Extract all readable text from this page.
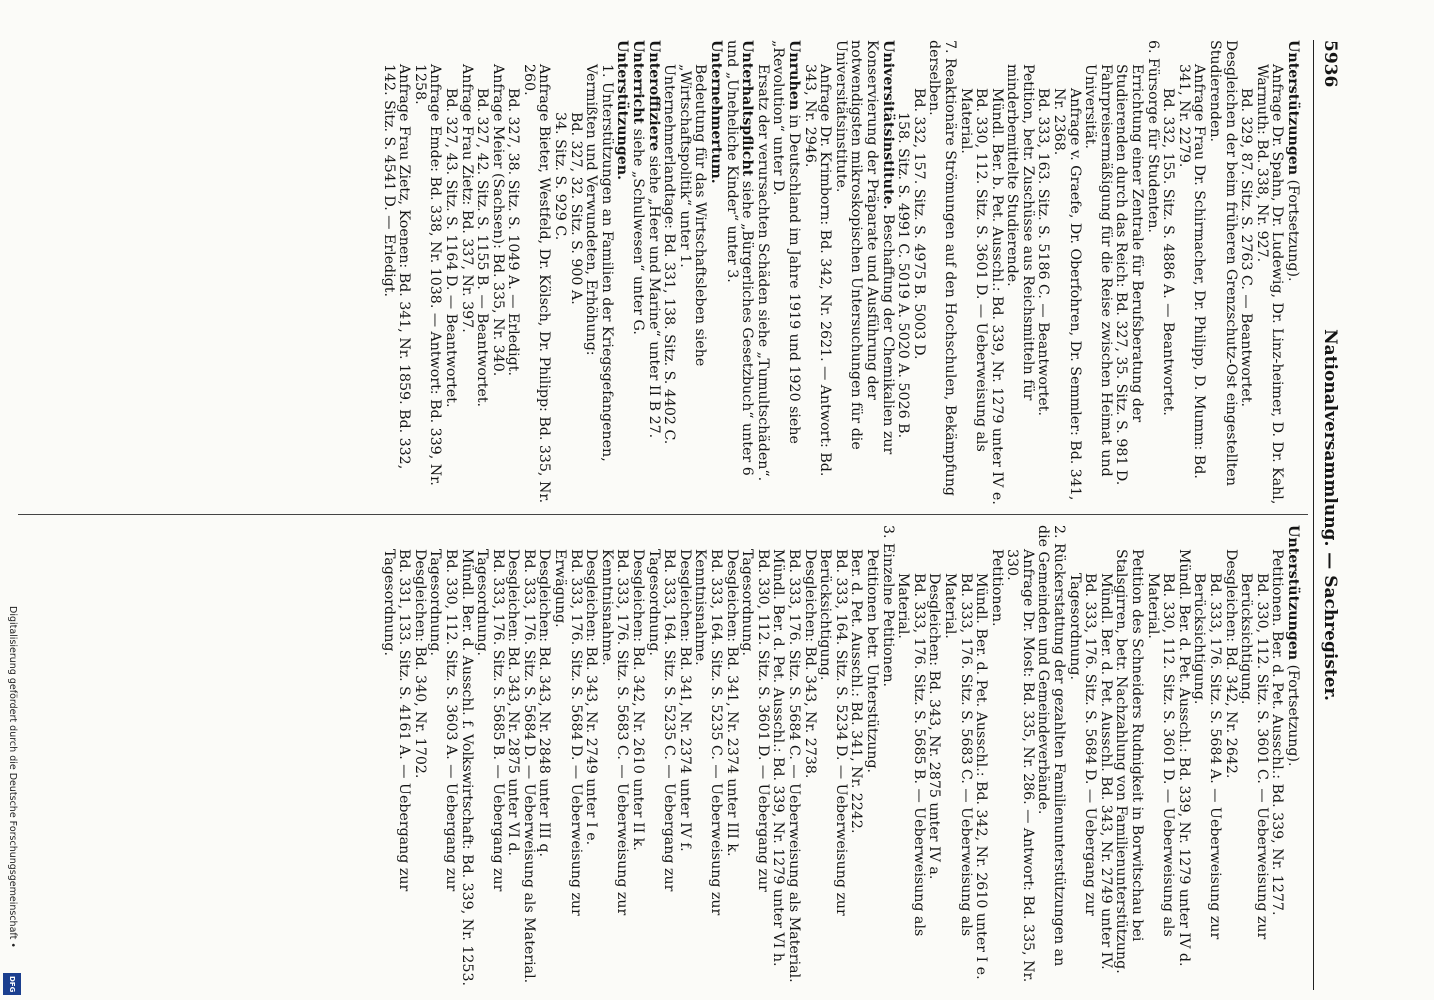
5936
Nationalversammlung. — Sachregister.

Unterstützungen (Fortsetzung).

Anfrage Dr. Spahn, Dr. Ludewig, Dr. Linz-heimer, D. Dr. Kahl, Warmuth: Bd. 338, Nr. 927.

Bd. 329, 87. Sitz. S. 2763 C. — Beantwortet.

Desgleichen der beim früheren Grenzschutz-Ost eingestellten Studierenden.

Anfrage Frau Dr. Schirmacher, Dr. Philipp, D. Mumm: Bd. 341, Nr. 2279.

Bd. 332, 155. Sitz. S. 4886 A. — Beantwortet.

6. Fürsorge für Studenten.

Errichtung einer Zentrale für Berufsberatung der Studierenden durch das Reich: Bd. 327, 35. Sitz. S. 981 D.

Fahrpreisermäßigung für die Reise zwischen Heimat und Universität.

Anfrage v. Graefe, Dr. Oberfohren, Dr. Semmler: Bd. 341, Nr. 2368.

Bd. 333, 163. Sitz. S. 5186 C. — Beantwortet.

Petition, betr. Zuschüsse aus Reichsmitteln für minderbemittelte Studierende.

Mündl. Ber. b. Pet. Ausschl.: Bd. 339, Nr. 1279 unter IV e.

Bd. 330, 112. Sitz. S. 3601 D. — Ueberweisung als Material.

7. Reaktionäre Strömungen auf den Hochschulen, Bekämpfung derselben.

Bd. 332, 157. Sitz. S. 4975 B. 5003 D.

158. Sitz. S. 4991 C. 5019 A. 5020 A. 5026 B.

Universitätsinstitute. Beschaffung der Chemikalien zur Konservierung der Präparate und Ausführung der notwendigsten mikroskopischen Untersuchungen für die Universitätsinstitute.

Anfrage Dr. Krimborn: Bd. 342, Nr. 2621. — Antwort: Bd. 343, Nr. 2946.

Unruhen in Deutschland im Jahre 1919 und 1920 siehe „Revolution“ unter D.

Ersatz der verursachten Schäden siehe „Tumultschäden“.

Unterhaltspflicht siehe „Bürgerliches Gesetzbuch“ unter 6 und „Uneheliche Kinder“ unter 3.

Unternehmertum.

Bedeutung für das Wirtschaftsleben siehe „Wirtschaftspolitik“ unter 1.

Unternehmerlandtage: Bd. 331, 138. Sitz. S. 4402 C.

Unteroffiziere siehe „Heer und Marine“ unter II B 27.

Unterricht siehe „Schulwesen“ unter G.

Unterstützungen.

1. Unterstützungen an Familien der Kriegsgefangenen, Vermißten und Verwundeten, Erhöhung:

Bd. 327, 32. Sitz. S. 900 A.

34. Sitz. S. 929 C.

Anfrage Bieter, Westfeld, Dr. Kölsch, Dr. Philipp: Bd. 335, Nr. 260.

Bd. 327, 38. Sitz. S. 1049 A. — Erledigt.

Anfrage Meier (Sachsen): Bd. 335, Nr. 340.

Bd. 327, 42. Sitz. S. 1155 B. — Beantwortet.

Anfrage Frau Zietz: Bd. 337, Nr. 397.

Bd. 327, 43. Sitz. S. 1164 D. — Beantwortet.

Anfrage Emde: Bd. 338, Nr. 1038. — Antwort: Bd. 339, Nr. 1258.

Anfrage Frau Zietz, Koenen: Bd. 341, Nr. 1859. Bd. 332, 142. Sitz. S. 4541 D. — Erledigt.

Unterstützungen (Fortsetzung).

Petitionen. Ber. d. Pet. Ausschl.: Bd. 339, Nr. 1277.

Bd. 330, 112. Sitz. S. 3601 C. — Ueberweisung zur Berücksichtigung.

Desgleichen: Bd. 342, Nr. 2642.

Bd. 333, 176. Sitz. S. 5684 A. — Ueberweisung zur Berücksichtigung.

Mündl. Ber. d. Pet. Ausschl.: Bd. 339, Nr. 1279 unter IV d.

Bd. 330, 112. Sitz. S. 3601 D. — Ueberweisung als Material.

Petition des Schneiders Rudnigkeit in Borwitschau bei Stalsgirren, betr. Nachzahlung von Familienunterstützung.

Mündl. Ber. d. Pet. Ausschl. Bd. 343, Nr. 2749 unter IV.

Bd. 333, 176. Sitz. S. 5684 D. — Uebergang zur Tagesordnung.

2. Rückerstattung der gezahlten Familienunterstützungen an die Gemeinden und Gemeindeverbände.

Anfrage Dr. Most: Bd. 335, Nr. 286. — Antwort: Bd. 335, Nr. 330.

Petitionen.

Mündl. Ber. d. Pet. Ausschl.: Bd. 342, Nr. 2610 unter I e.

Bd. 333, 176. Sitz. S. 5683 C. — Ueberweisung als Material.

Desgleichen: Bd. 343, Nr. 2875 unter IV a.

Bd. 333, 176. Sitz. S. 5685 B. — Ueberweisung als Material.

3. Einzelne Petitionen.

Petitionen betr. Unterstützung.

Ber. d. Pet. Ausschl.: Bd. 341, Nr. 2242.

Bd. 333, 164. Sitz. S. 5234 D. — Ueberweisung zur Berücksichtigung.

Desgleichen: Bd. 343, Nr. 2738.

Bd. 333, 176. Sitz. S. 5684 C. — Ueberweisung als Material.

Mündl. Ber. d. Pet. Ausschl.: Bd. 339, Nr. 1279 unter VI h.

Bd. 330, 112. Sitz. S. 3601 D. — Uebergang zur Tagesordnung.

Desgleichen: Bd. 341, Nr. 2374 unter III k.

Bd. 333, 164. Sitz. S. 5235 C. — Ueberweisung zur Kenntnisnahme.

Desgleichen: Bd. 341, Nr. 2374 unter IV f.

Bd. 333, 164. Sitz. S. 5235 C. — Uebergang zur Tagesordnung.

Desgleichen: Bd. 342, Nr. 2610 unter II k.

Bd. 333, 176. Sitz. S. 5683 C. — Ueberweisung zur Kenntnisnahme.

Desgleichen: Bd. 343, Nr. 2749 unter I e.

Bd. 333, 176. Sitz. S. 5684 D. — Ueberweisung zur Erwägung.

Desgleichen: Bd. 343, Nr. 2848 unter III q.

Bd. 333, 176. Sitz. S. 5684 D. — Ueberweisung als Material.

Desgleichen: Bd. 343, Nr. 2875 unter VI d.

Bd. 333, 176. Sitz. S. 5685 B. — Uebergang zur Tagesordnung.

Mündl. Ber. d. Ausschl. f. Volkswirtschaft: Bd. 339, Nr. 1253.

Bd. 330, 112. Sitz. S. 3603 A. — Uebergang zur Tagesordnung.

Desgleichen: Bd. 340, Nr. 1702.

Bd. 331, 133. Sitz. S. 4161 A. — Uebergang zur Tagesordnung.

Digitalisierung gefördert durch die Deutsche Forschungsgemeinschaft •
DFG
